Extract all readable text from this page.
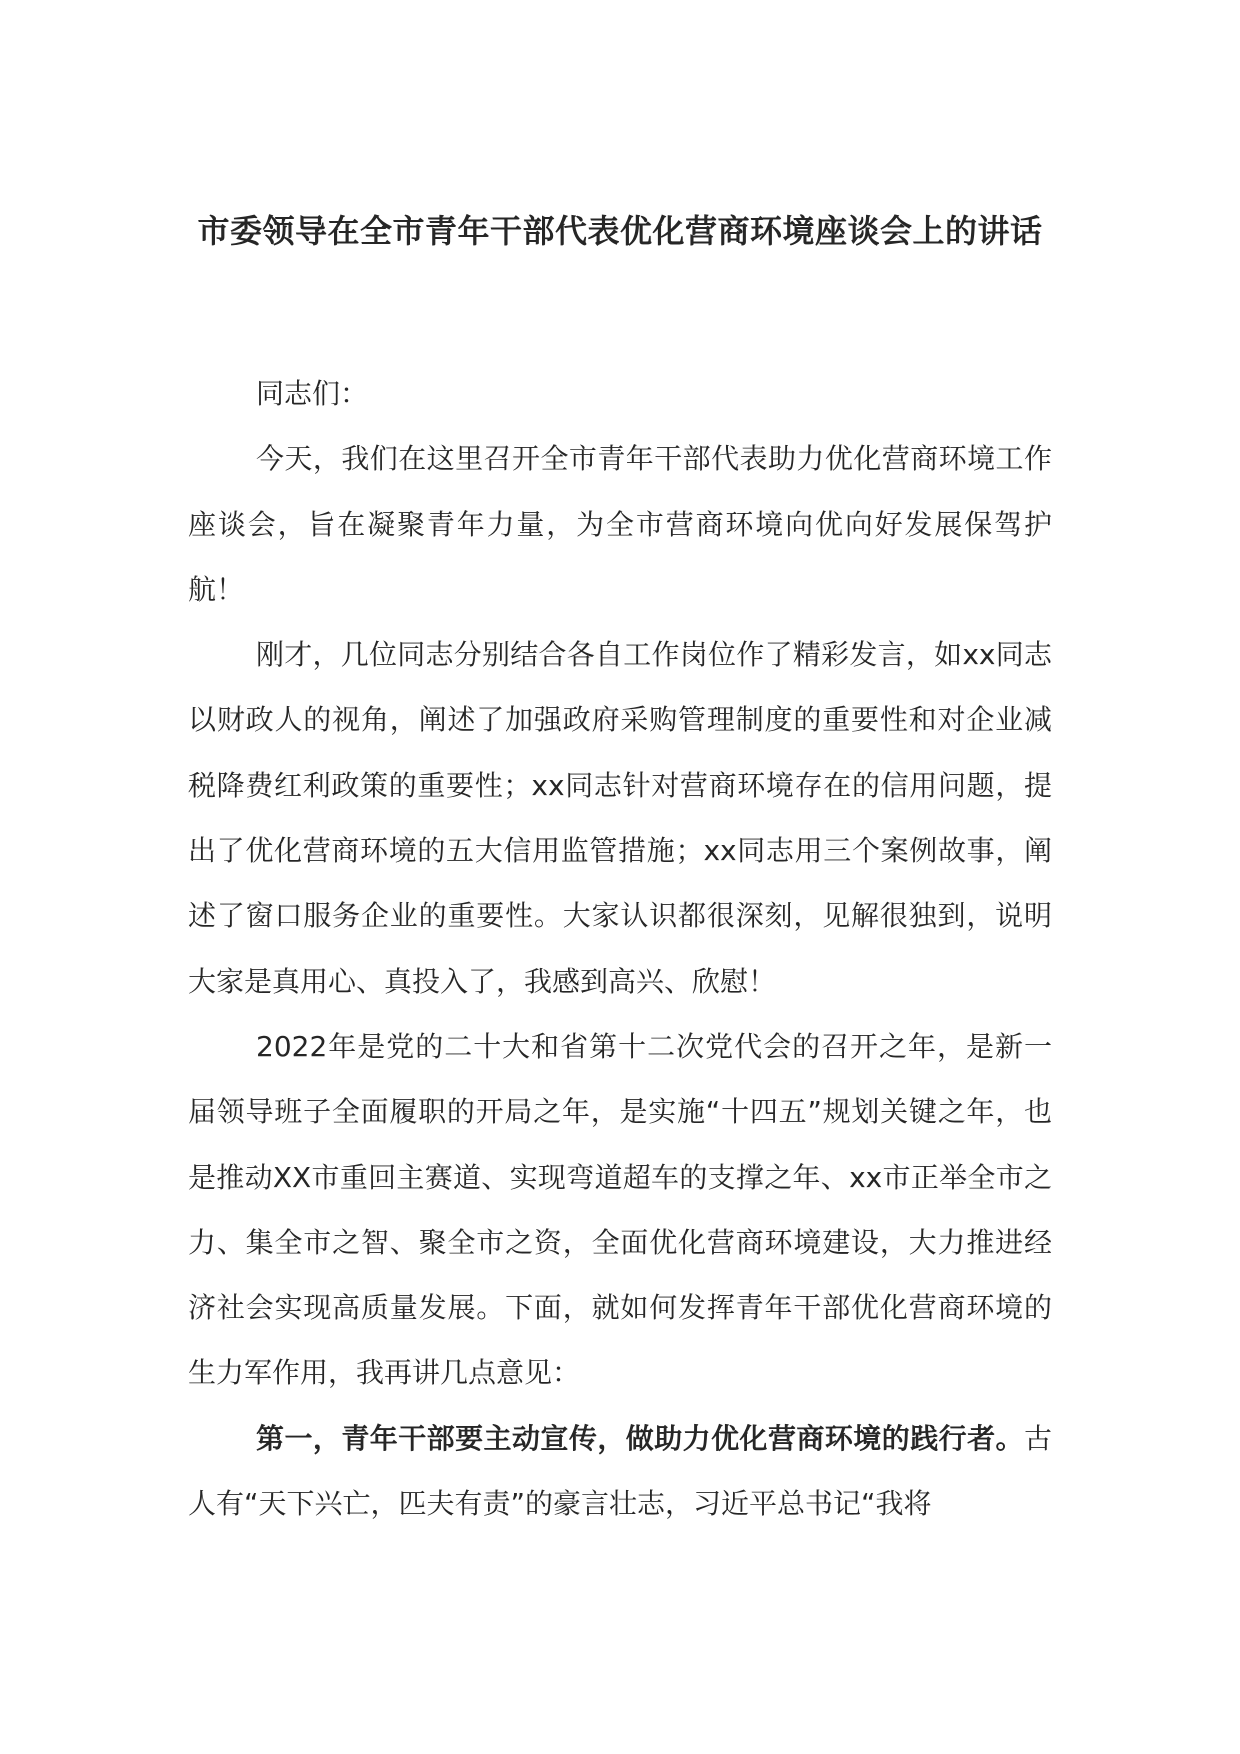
市委领导在全市青年干部代表优化营商环境座谈会上的讲话

同志们：

今天，我们在这里召开全市青年干部代表助力优化营商环境工作座谈会，旨在凝聚青年力量，为全市营商环境向优向好发展保驾护航！

刚才，几位同志分别结合各自工作岗位作了精彩发言，如xx同志以财政人的视角，阐述了加强政府采购管理制度的重要性和对企业减税降费红利政策的重要性；xx同志针对营商环境存在的信用问题，提出了优化营商环境的五大信用监管措施；xx同志用三个案例故事，阐述了窗口服务企业的重要性。大家认识都很深刻，见解很独到，说明大家是真用心、真投入了，我感到高兴、欣慰！

2022年是党的二十大和省第十二次党代会的召开之年，是新一届领导班子全面履职的开局之年，是实施“十四五”规划关键之年，也是推动XX市重回主赛道、实现弯道超车的支撑之年、xx市正举全市之力、集全市之智、聚全市之资，全面优化营商环境建设，大力推进经济社会实现高质量发展。下面，就如何发挥青年干部优化营商环境的生力军作用，我再讲几点意见：

第一，青年干部要主动宣传，做助力优化营商环境的践行者。古人有“天下兴亡，匹夫有责”的豪言壮志，习近平总书记“我将
